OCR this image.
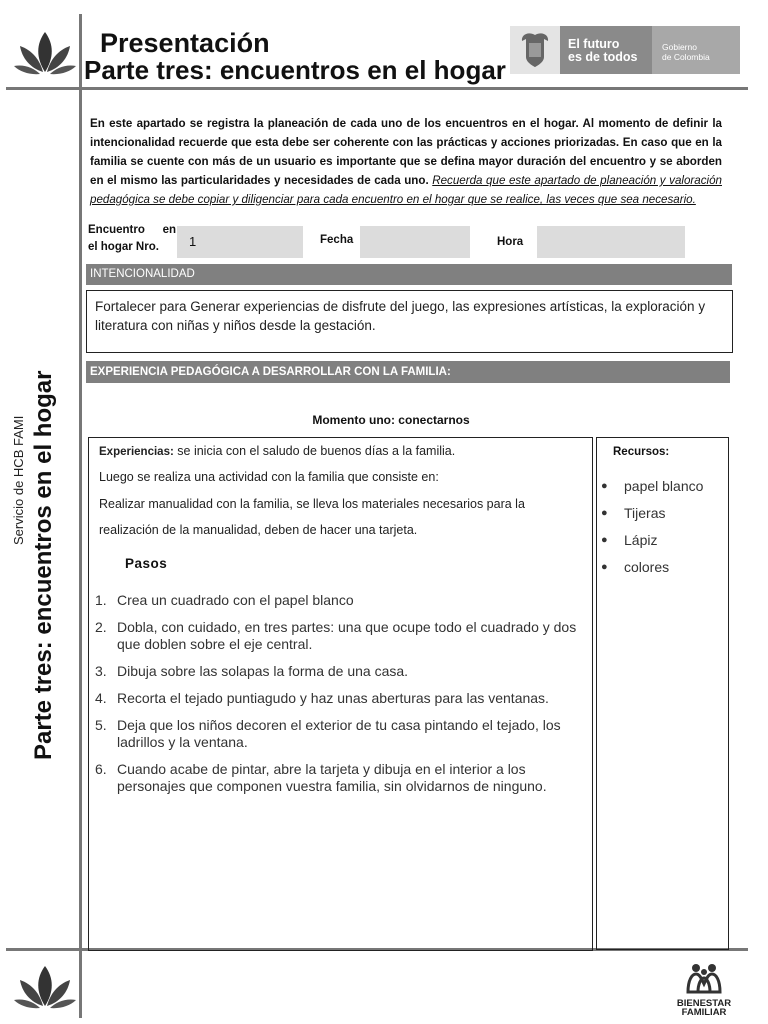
Presentación
Parte tres: encuentros en el hogar
El futuro
es de todos
Gobierno
de Colombia
Servicio de HCB FAMI Parte tres: encuentros en el hogar
En este apartado se registra la planeación de cada uno de los encuentros en el hogar. Al momento de definir la intencionalidad recuerde que esta debe ser coherente con las prácticas y acciones priorizadas. En caso que en la familia se cuente con más de un usuario es importante que se defina mayor duración del encuentro y se aborden en el mismo las particularidades y necesidades de cada uno. Recuerda que este apartado de planeación y valoración pedagógica se debe copiar y diligenciar para cada encuentro en el hogar que se realice, las veces que sea necesario.
Encuentro en
el hogar Nro.	1	Fecha	Hora
INTENCIONALIDAD
Fortalecer para Generar experiencias de disfrute del juego, las expresiones artísticas, la exploración y literatura con niñas y niños desde la gestación.
EXPERIENCIA PEDAGÓGICA A DESARROLLAR CON LA FAMILIA:
Momento uno: conectarnos
Experiencias: se inicia con el saludo de buenos días a la familia.
Luego se realiza una actividad con la familia que consiste en:
Realizar manualidad con la familia, se lleva los materiales necesarios para la
realización de la manualidad, deben de hacer una tarjeta.
Pasos
1. Crea un cuadrado con el papel blanco
2. Dobla, con cuidado, en tres partes: una que ocupe todo el cuadrado y dos que doblen sobre el eje central.
3. Dibuja sobre las solapas la forma de una casa.
4. Recorta el tejado puntiagudo y haz unas aberturas para las ventanas.
5. Deja que los niños decoren el exterior de tu casa pintando el tejado, los ladrillos y la ventana.
6. Cuando acabe de pintar, abre la tarjeta y dibuja en el interior a los personajes que componen vuestra familia, sin olvidarnos de ninguno.
Recursos:
●	papel blanco
●	Tijeras
●	Lápiz
●	colores
BIENESTAR
FAMILIAR
